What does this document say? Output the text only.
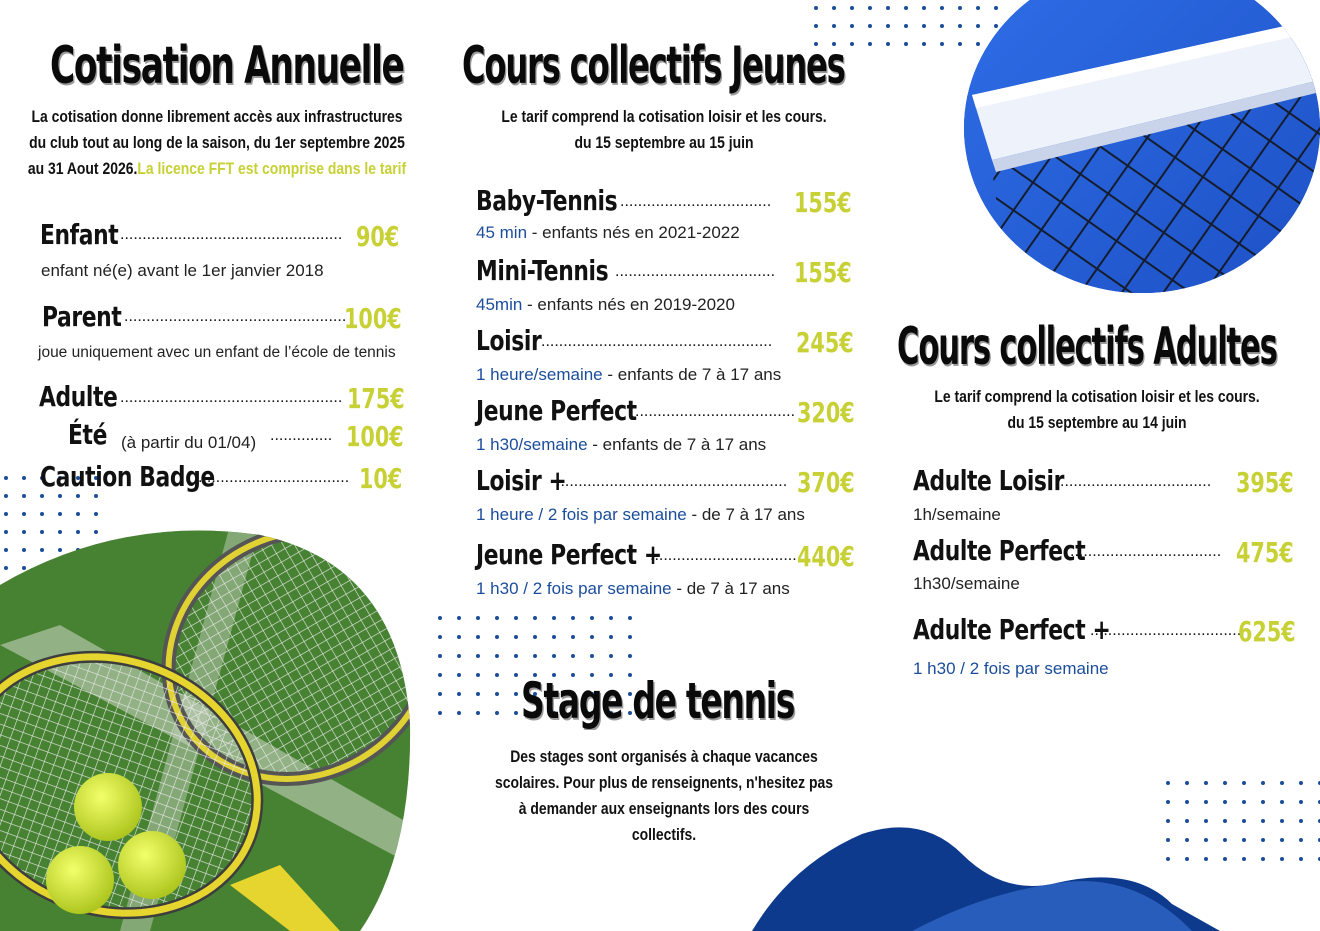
Cotisation Annuelle
La cotisation donne librement accès aux infrastructures du club tout au long de la saison, du 1er septembre 2025 au 31 Aout 2026.La licence FFT est comprise dans le tarif
Enfant .................................................. 90€
enfant né(e) avant le 1er janvier 2018
Parent ..................................................
100€
joue uniquement avec un enfant de l’école de tennis
Adulte .................................................. 175€
Été (à partir du 01/04) .............. 100€
Caution Badge
.................................. 10€
Cours collectifs Jeunes
Le tarif comprend la cotisation loisir et les cours.
du 15 septembre au 15 juin
Baby-Tennis .................................. 155€
45 min - enfants nés en 2021-2022
Mini-Tennis .................................... 155€
45min - enfants nés en 2019-2020
Loisir .................................................... 245€
1 heure/semaine - enfants de 7 à 17 ans
Jeune Perfect
.................................... 320€
1 h30/semaine - enfants de 7 à 17 ans
Loisir +
.................................................... 370€
1 heure / 2 fois par semaine - de 7 à 17 ans
Jeune Perfect +
..................................
440€
1 h30 / 2 fois par semaine - de 7 à 17 ans
Stage de tennis
Des stages sont organisés à chaque vacances scolaires. Pour plus de renseignents, n'hesitez pas à demander aux enseignants lors des cours collectifs.
Cours collectifs Adultes
Le tarif comprend la cotisation loisir et les cours.
du 15 septembre au 14 juin
Adulte Loisir
.................................. 395€
1h/semaine
Adulte Perfect
.................................. 475€
1h30/semaine
Adulte Perfect +
..................................
625€
1 h30 / 2 fois par semaine
